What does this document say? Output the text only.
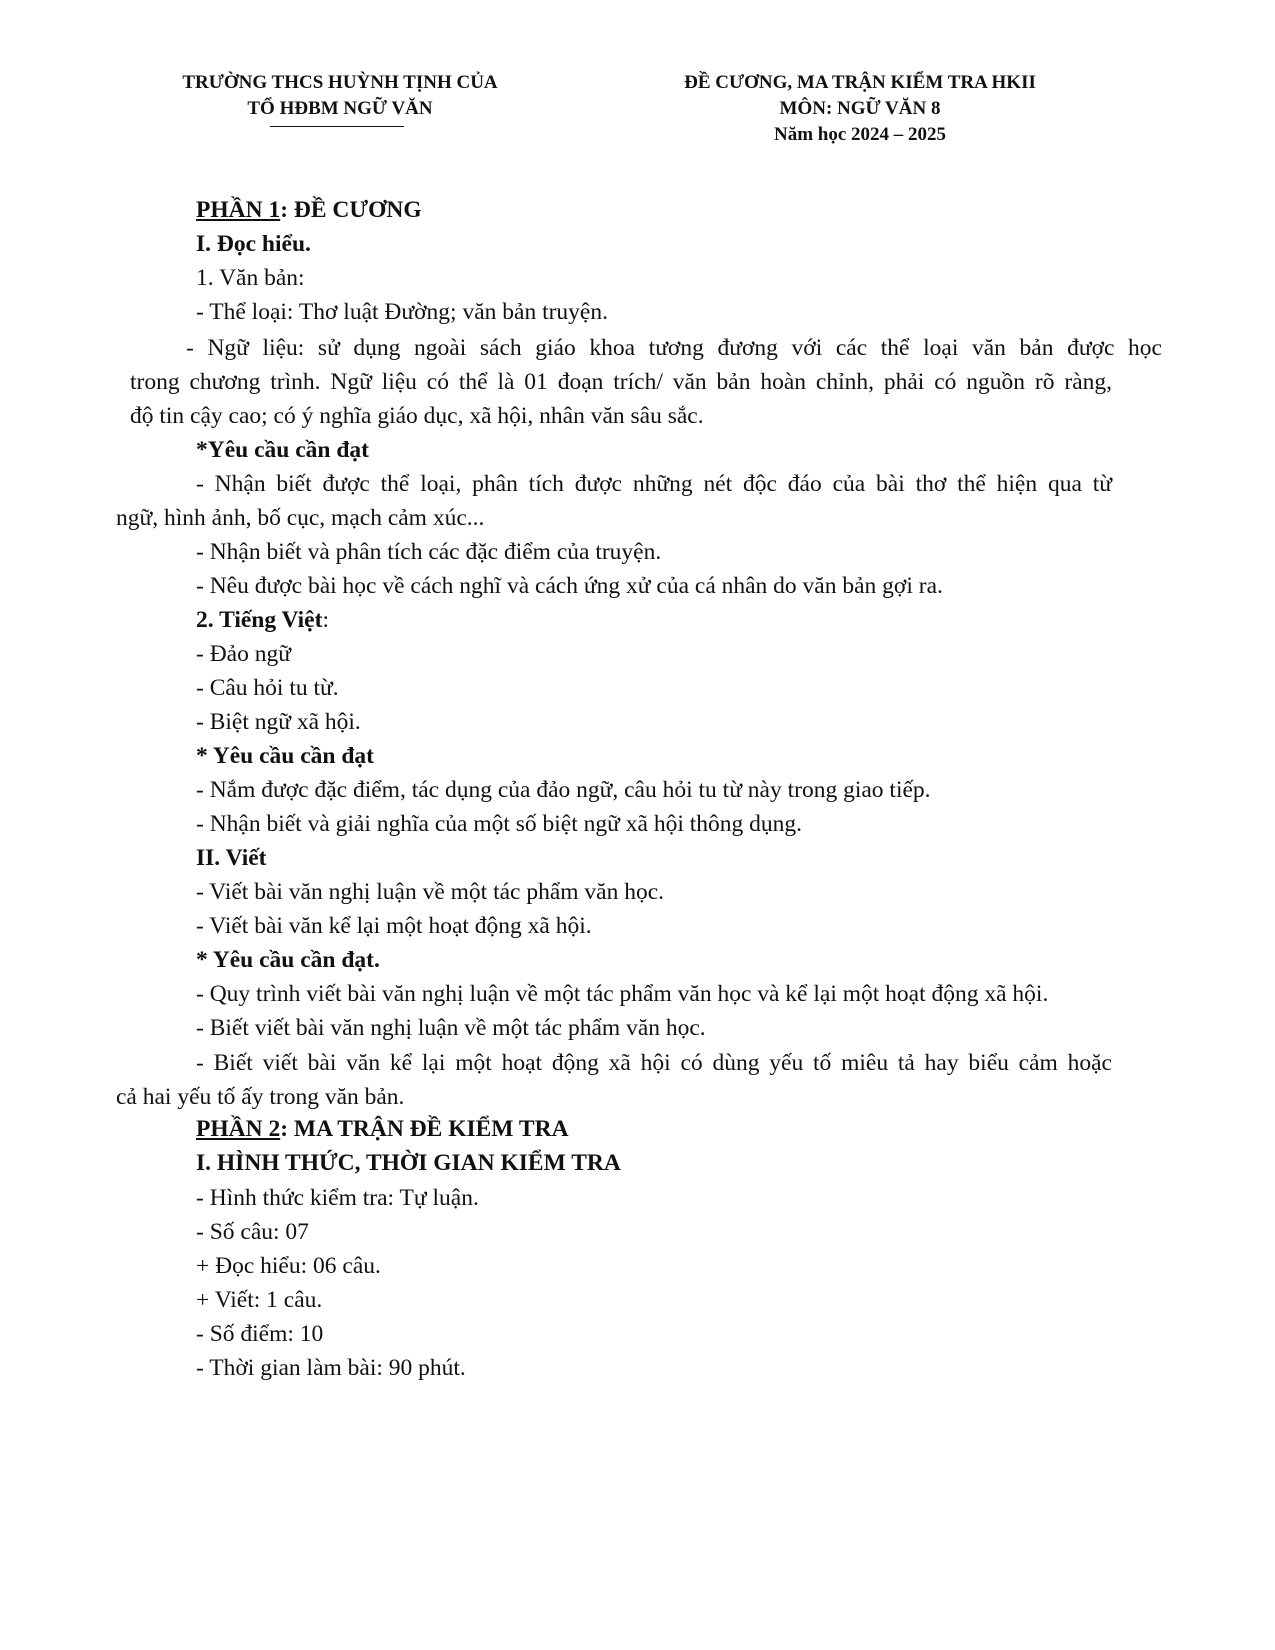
TRƯỜNG THCS HUỲNH TỊNH CỦA
TỔ HĐBM NGỮ VĂN
ĐỀ CƯƠNG, MA TRẬN KIỂM TRA HKII
MÔN: NGỮ VĂN 8
Năm học 2024 – 2025
PHẦN 1: ĐỀ CƯƠNG
I. Đọc hiểu.
1. Văn bản:
- Thể loại: Thơ luật Đường; văn bản truyện.
- Ngữ liệu: sử dụng ngoài sách giáo khoa tương đương với các thể loại văn bản được học
trong chương trình. Ngữ liệu có thể là 01 đoạn trích/ văn bản hoàn chỉnh, phải có nguồn rõ ràng,
độ tin cậy cao; có ý nghĩa giáo dục, xã hội, nhân văn sâu sắc.
*Yêu cầu cần đạt
- Nhận biết được thể loại, phân tích được những nét độc đáo của bài thơ thể hiện qua từ
ngữ, hình ảnh, bố cục, mạch cảm xúc...
- Nhận biết và phân tích các đặc điểm của truyện.
- Nêu được bài học về cách nghĩ và cách ứng xử của cá nhân do văn bản gợi ra.
2. Tiếng Việt:
- Đảo ngữ
- Câu hỏi tu từ.
- Biệt ngữ xã hội.
* Yêu cầu cần đạt
- Nắm được đặc điểm, tác dụng của đảo ngữ, câu hỏi tu từ này trong giao tiếp.
- Nhận biết và giải nghĩa của một số biệt ngữ xã hội thông dụng.
II. Viết
- Viết bài văn nghị luận về một tác phẩm văn học.
- Viết bài văn kể lại một hoạt động xã hội.
* Yêu cầu cần đạt.
- Quy trình viết bài văn nghị luận về một tác phẩm văn học và kể lại một hoạt động xã hội.
- Biết viết bài văn nghị luận về một tác phẩm văn học.
- Biết viết bài văn kể lại một hoạt động xã hội có dùng yếu tố miêu tả hay biểu cảm hoặc
cả hai yếu tố ấy trong văn bản.
PHẦN 2: MA TRẬN ĐỀ KIỂM TRA
I. HÌNH THỨC, THỜI GIAN KIỂM TRA
- Hình thức kiểm tra: Tự luận.
- Số câu: 07
+ Đọc hiểu: 06 câu.
+ Viết: 1 câu.
- Số điểm: 10
- Thời gian làm bài: 90 phút.
